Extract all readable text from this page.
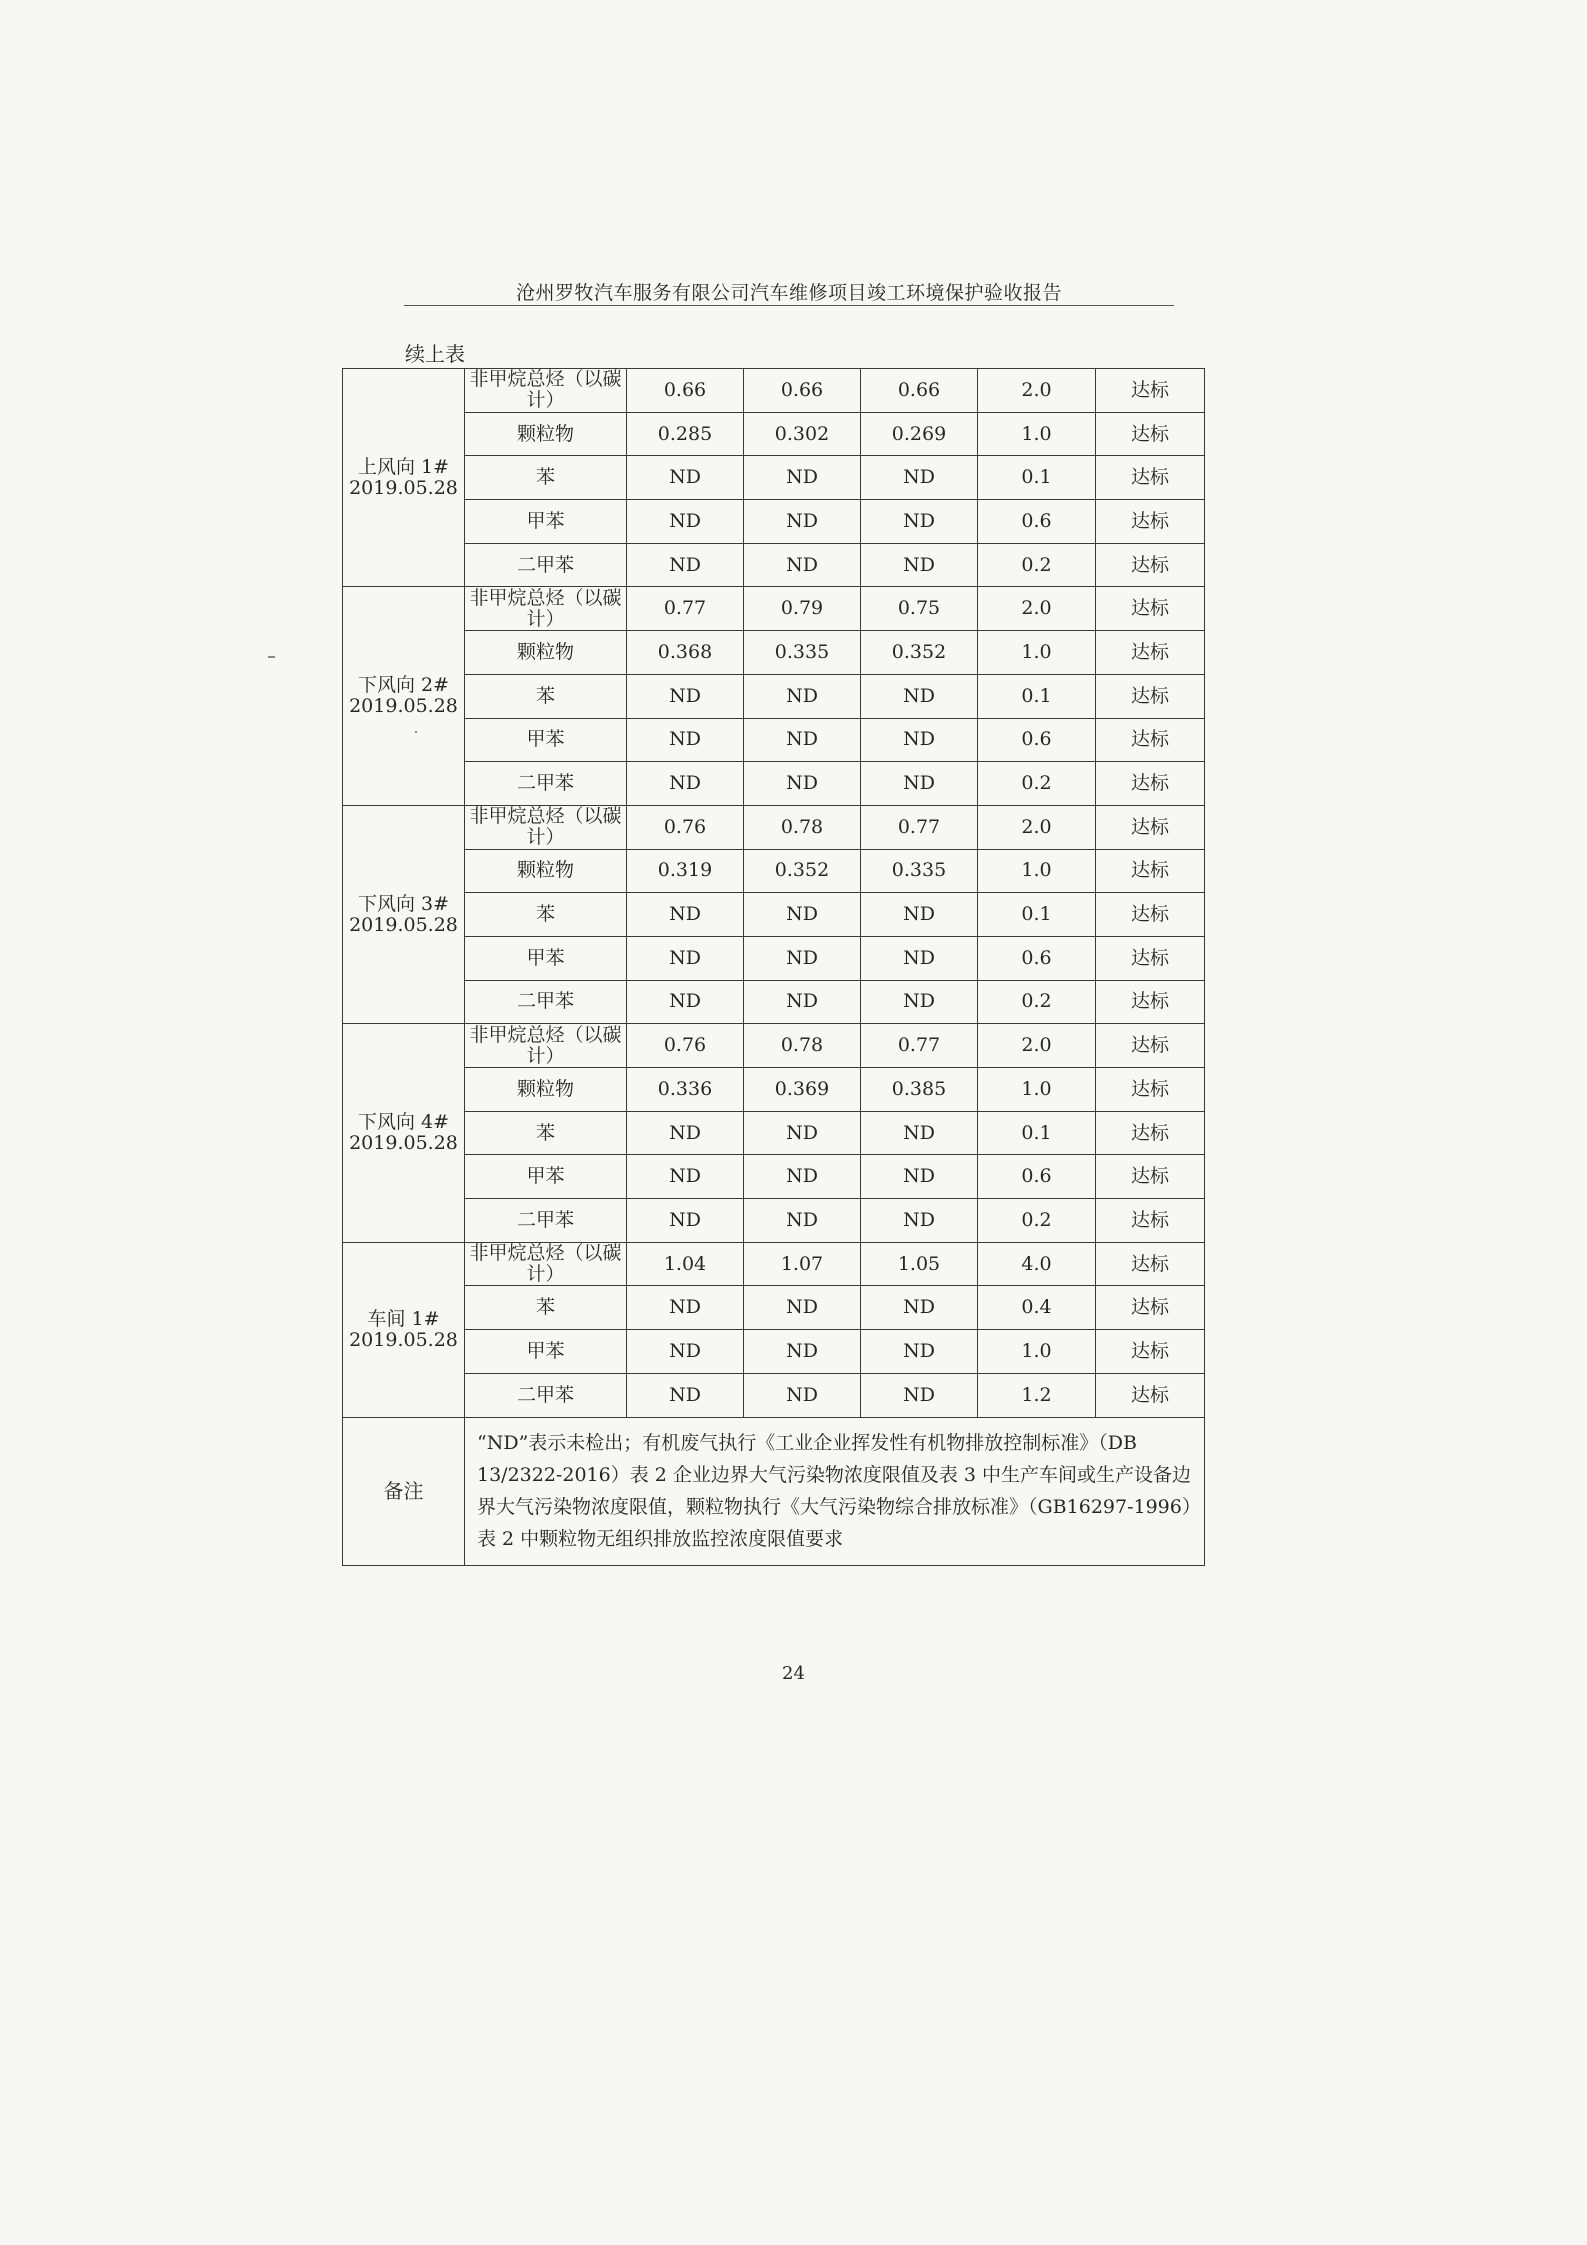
沧州罗牧汽车服务有限公司汽车维修项目竣工环境保护验收报告
续上表
上风向 1#
2019.05.28	非甲烷总烃（以碳计）	0.66	0.66	0.66	2.0	达标
	颗粒物	0.285	0.302	0.269	1.0	达标
	苯	ND	ND	ND	0.1	达标
	甲苯	ND	ND	ND	0.6	达标
	二甲苯	ND	ND	ND	0.2	达标

下风向 2#
2019.05.28	非甲烷总烃（以碳计）	0.77	0.79	0.75	2.0	达标
	颗粒物	0.368	0.335	0.352	1.0	达标
	苯	ND	ND	ND	0.1	达标
	甲苯	ND	ND	ND	0.6	达标
	二甲苯	ND	ND	ND	0.2	达标

下风向 3#
2019.05.28	非甲烷总烃（以碳计）	0.76	0.78	0.77	2.0	达标
	颗粒物	0.319	0.352	0.335	1.0	达标
	苯	ND	ND	ND	0.1	达标
	甲苯	ND	ND	ND	0.6	达标
	二甲苯	ND	ND	ND	0.2	达标

下风向 4#
2019.05.28	非甲烷总烃（以碳计）	0.76	0.78	0.77	2.0	达标
	颗粒物	0.336	0.369	0.385	1.0	达标
	苯	ND	ND	ND	0.1	达标
	甲苯	ND	ND	ND	0.6	达标
	二甲苯	ND	ND	ND	0.2	达标

车间 1#
2019.05.28	非甲烷总烃（以碳计）	1.04	1.07	1.05	4.0	达标
	苯	ND	ND	ND	0.4	达标
	甲苯	ND	ND	ND	1.0	达标
	二甲苯	ND	ND	ND	1.2	达标
备注	“ND”表示未检出；有机废气执行《工业企业挥发性有机物排放控制标准》（DB 13/2322-2016）表 2 企业边界大气污染物浓度限值及表 3 中生产车间或生产设备边界大气污染物浓度限值，颗粒物执行《大气污染物综合排放标准》（GB16297-1996）表 2 中颗粒物无组织排放监控浓度限值要求					
24
